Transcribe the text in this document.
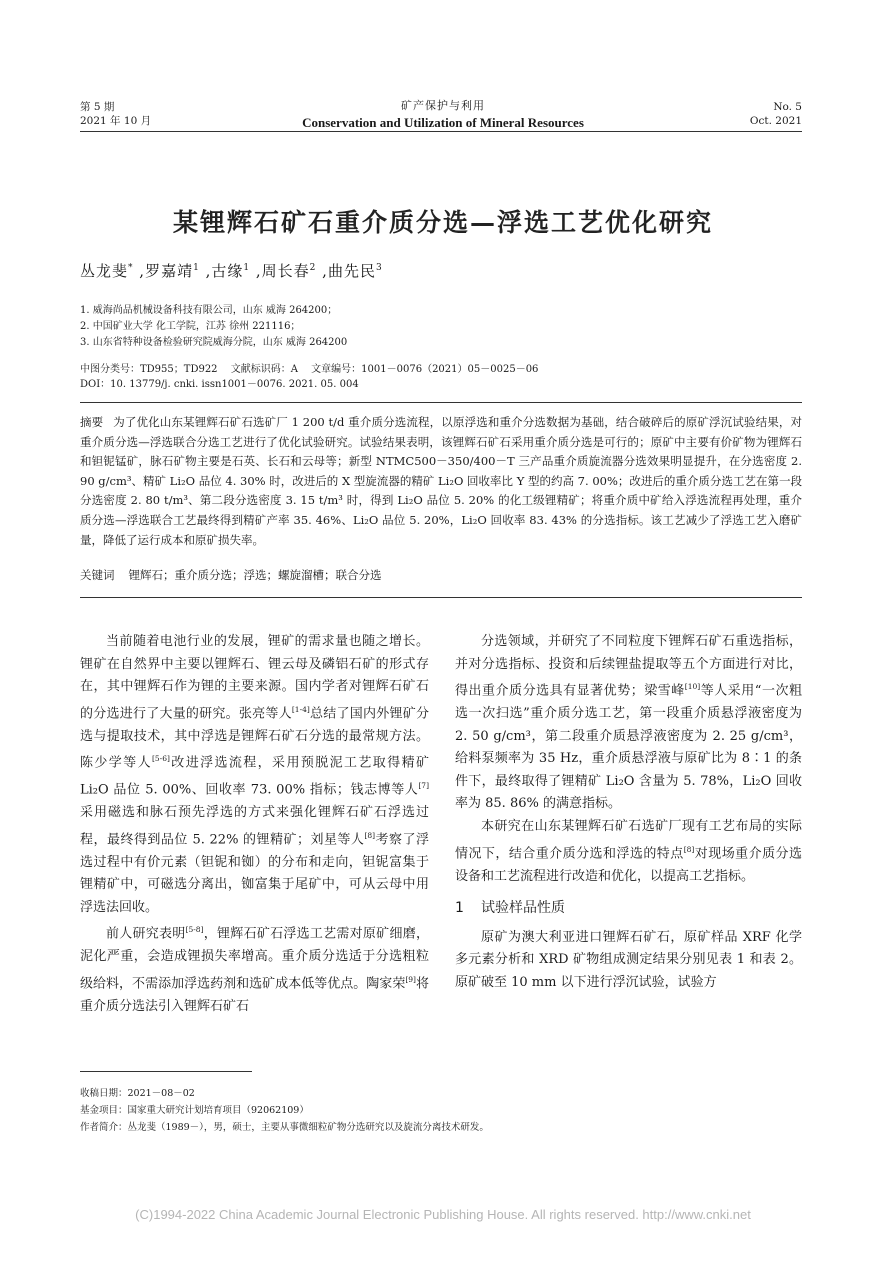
第 5 期
2021 年 10 月
矿产保护与利用
Conservation and Utilization of Mineral Resources
No. 5
Oct. 2021
某锂辉石矿石重介质分选—浮选工艺优化研究
丛龙斐* ,罗嘉靖$^1$ ,古缘$^1$ ,周长春$^2$ ,曲先民$^3$
1. 威海尚品机械设备科技有限公司，山东 威海 264200；
2. 中国矿业大学 化工学院，江苏 徐州 221116；
3. 山东省特种设备检验研究院威海分院，山东 威海 264200
中图分类号：TD955；TD922 文献标识码：A 文章编号：1001－0076（2021）05－0025－06
DOI：10. 13779/j. cnki. issn1001－0076. 2021. 05. 004
摘要 为了优化山东某锂辉石矿石选矿厂 1 200 t/d 重介质分选流程，以原浮选和重介分选数据为基础，结合破碎后的原矿浮沉试验结果，对重介质分选—浮选联合分选工艺进行了优化试验研究。试验结果表明，该锂辉石矿石采用重介质分选是可行的；原矿中主要有价矿物为锂辉石和钽铌锰矿，脉石矿物主要是石英、长石和云母等；新型 NTMC500－350/400－T 三产品重介质旋流器分选效果明显提升，在分选密度 2. 90 g/cm³、精矿 Li₂O 品位 4. 30% 时，改进后的 X 型旋流器的精矿 Li₂O 回收率比 Y 型的约高 7. 00%；改进后的重介质分选工艺在第一段分选密度 2. 80 t/m³、第二段分选密度 3. 15 t/m³ 时，得到 Li₂O 品位 5. 20% 的化工级锂精矿；将重介质中矿给入浮选流程再处理，重介质分选—浮选联合工艺最终得到精矿产率 35. 46%、Li₂O 品位 5. 20%，Li₂O 回收率 83. 43% 的分选指标。该工艺减少了浮选工艺入磨矿量，降低了运行成本和原矿损失率。
关键词 锂辉石；重介质分选；浮选；螺旋溜槽；联合分选

当前随着电池行业的发展，锂矿的需求量也随之增长。锂矿在自然界中主要以锂辉石、锂云母及磷铝石矿的形式存在，其中锂辉石作为锂的主要来源。国内学者对锂辉石矿石的分选进行了大量的研究。张亮等人[1-4]总结了国内外锂矿分选与提取技术，其中浮选是锂辉石矿石分选的最常规方法。陈少学等人[5-6]改进浮选流程，采用预脱泥工艺取得精矿 Li₂O 品位 5. 00%、回收率 73. 00% 指标；钱志博等人[7]采用磁选和脉石预先浮选的方式来强化锂辉石矿石浮选过程，最终得到品位 5. 22% 的锂精矿；刘星等人[8]考察了浮选过程中有价元素（钽铌和铷）的分布和走向，钽铌富集于锂精矿中，可磁选分离出，铷富集于尾矿中，可从云母中用浮选法回收。

前人研究表明[5-8]，锂辉石矿石浮选工艺需对原矿细磨，泥化严重，会造成锂损失率增高。重介质分选适于分选粗粒级给料，不需添加浮选药剂和选矿成本低等优点。陶家荣[9]将重介质分选法引入锂辉石矿石

分选领域，并研究了不同粒度下锂辉石矿石重选指标，并对分选指标、投资和后续锂盐提取等五个方面进行对比，得出重介质分选具有显著优势；梁雪峰[10]等人采用“一次粗选一次扫选”重介质分选工艺，第一段重介质悬浮液密度为 2. 50 g/cm³，第二段重介质悬浮液密度为 2. 25 g/cm³，给料泵频率为 35 Hz，重介质悬浮液与原矿比为 8∶1 的条件下，最终取得了锂精矿 Li₂O 含量为 5. 78%，Li₂O 回收率为 85. 86% 的满意指标。

本研究在山东某锂辉石矿石选矿厂现有工艺布局的实际情况下，结合重介质分选和浮选的特点[8]对现场重介质分选设备和工艺流程进行改造和优化，以提高工艺指标。

1 试验样品性质

原矿为澳大利亚进口锂辉石矿石，原矿样品 XRF 化学多元素分析和 XRD 矿物组成测定结果分别见表 1 和表 2。原矿破至 10 mm 以下进行浮沉试验，试验方

收稿日期：2021－08－02
基金项目：国家重大研究计划培育项目（92062109）
作者简介：丛龙斐（1989－），男，硕士，主要从事微细粒矿物分选研究以及旋流分离技术研发。
(C)1994-2022 China Academic Journal Electronic Publishing House. All rights reserved. http://www.cnki.net
